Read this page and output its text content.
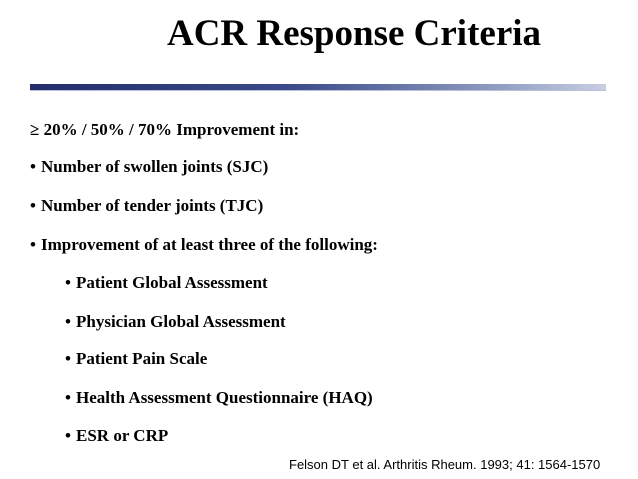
ACR Response Criteria
≥ 20% / 50% / 70% Improvement in:
• Number of swollen joints (SJC)
• Number of tender joints (TJC)
• Improvement of at least three of the following:
• Patient Global Assessment
• Physician Global Assessment
• Patient Pain Scale
• Health Assessment Questionnaire (HAQ)
• ESR or CRP
Felson DT et al. Arthritis Rheum. 1993; 41: 1564-1570
